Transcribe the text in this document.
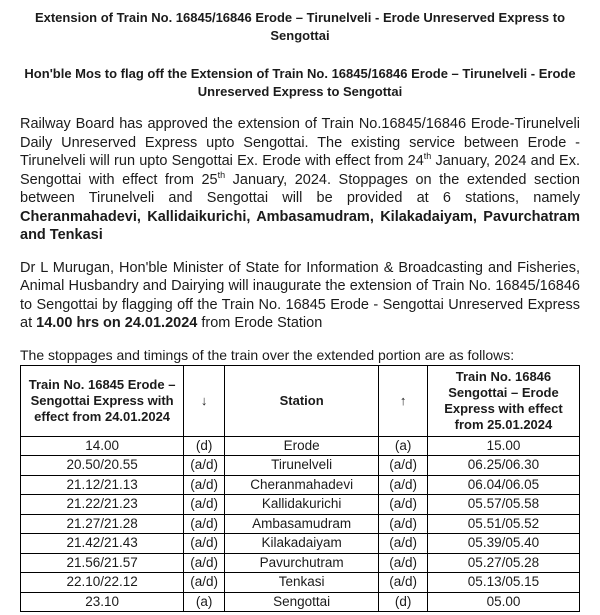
Extension of Train No. 16845/16846 Erode – Tirunelveli - Erode Unreserved Express to Sengottai
Hon'ble Mos to flag off the Extension of Train No. 16845/16846 Erode – Tirunelveli - Erode Unreserved Express to Sengottai

Railway Board has approved the extension of Train No.16845/16846 Erode-Tirunelveli Daily Unreserved Express upto Sengottai. The existing service between Erode - Tirunelveli will run upto Sengottai Ex. Erode with effect from 24th January, 2024 and Ex. Sengottai with effect from 25th January, 2024. Stoppages on the extended section between Tirunelveli and Sengottai will be provided at 6 stations, namely Cheranmahadevi, Kallidaikurichi, Ambasamudram, Kilakadaiyam, Pavurchatram and Tenkasi

Dr L Murugan, Hon'ble Minister of State for Information & Broadcasting and Fisheries, Animal Husbandry and Dairying will inaugurate the extension of Train No. 16845/16846 to Sengottai by flagging off the Train No. 16845 Erode - Sengottai Unreserved Express at 14.00 hrs on 24.01.2024 from Erode Station

The stoppages and timings of the train over the extended portion are as follows:
Train No. 16845 Erode – Sengottai Express with effect from 24.01.2024	↓	Station	↑	Train No. 16846 Sengottai – Erode Express with effect from 25.01.2024
14.00	(d)	Erode	(a)	15.00
20.50/20.55	(a/d)	Tirunelveli	(a/d)	06.25/06.30
21.12/21.13	(a/d)	Cheranmahadevi	(a/d)	06.04/06.05
21.22/21.23	(a/d)	Kallidakurichi	(a/d)	05.57/05.58
21.27/21.28	(a/d)	Ambasamudram	(a/d)	05.51/05.52
21.42/21.43	(a/d)	Kilakadaiyam	(a/d)	05.39/05.40
21.56/21.57	(a/d)	Pavurchutram	(a/d)	05.27/05.28
22.10/22.12	(a/d)	Tenkasi	(a/d)	05.13/05.15
23.10	(a)	Sengottai	(d)	05.00
